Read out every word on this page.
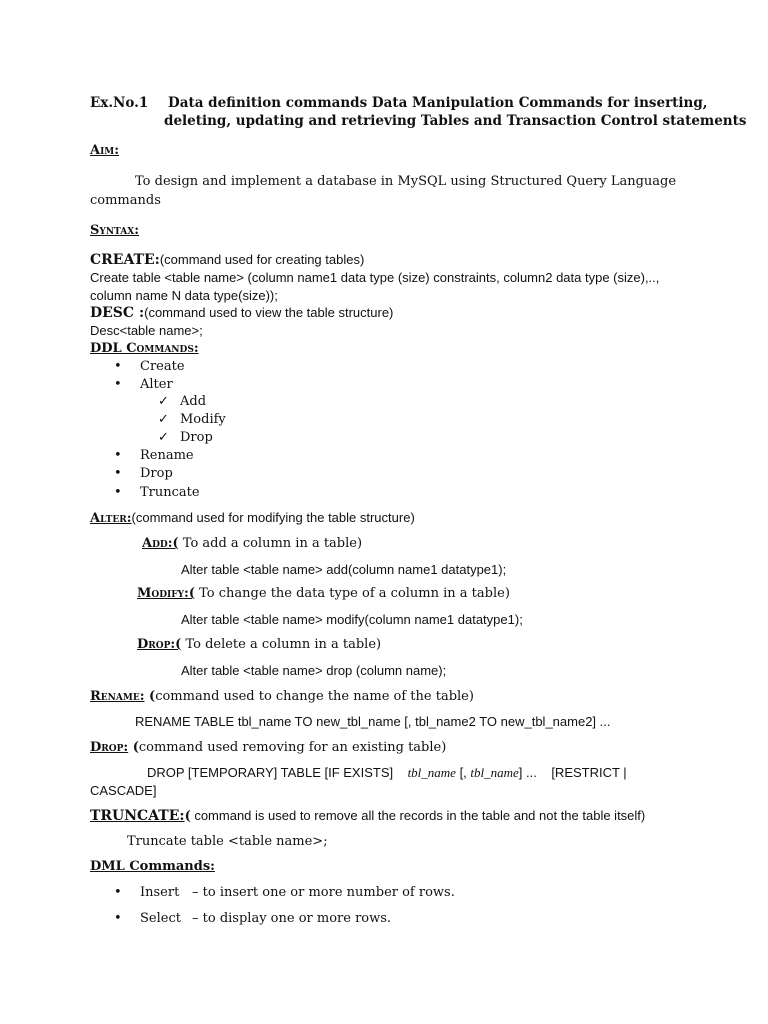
Ex.No.1 Data definition commands Data Manipulation Commands for inserting,
deleting, updating and retrieving Tables and Transaction Control statements
Aim:
To design and implement a database in MySQL using Structured Query Language
commands
Syntax:
CREATE:(command used for creating tables)
Create table <table name> (column name1 data type (size) constraints, column2 data type (size),..,
column name N data type(size));
DESC :(command used to view the table structure)
Desc<table name>;
DDL Commands:
• Create
• Alter
✓ Add
✓ Modify
✓ Drop
• Rename
• Drop
• Truncate
Alter:(command used for modifying the table structure)
Add:( To add a column in a table)
Alter table <table name> add(column name1 datatype1);
Modify:( To change the data type of a column in a table)
Alter table <table name> modify(column name1 datatype1);
Drop:( To delete a column in a table)
Alter table <table name> drop (column name);
Rename: (command used to change the name of the table)
RENAME TABLE tbl_name TO new_tbl_name [, tbl_name2 TO new_tbl_name2] ...
Drop: (command used removing for an existing table)
DROP [TEMPORARY] TABLE [IF EXISTS] tbl_name [, tbl_name] ... [RESTRICT |
CASCADE]
TRUNCATE:( command is used to remove all the records in the table and not the table itself)
Truncate table <table name>;
DML Commands:
• Insert – to insert one or more number of rows.
• Select – to display one or more rows.
